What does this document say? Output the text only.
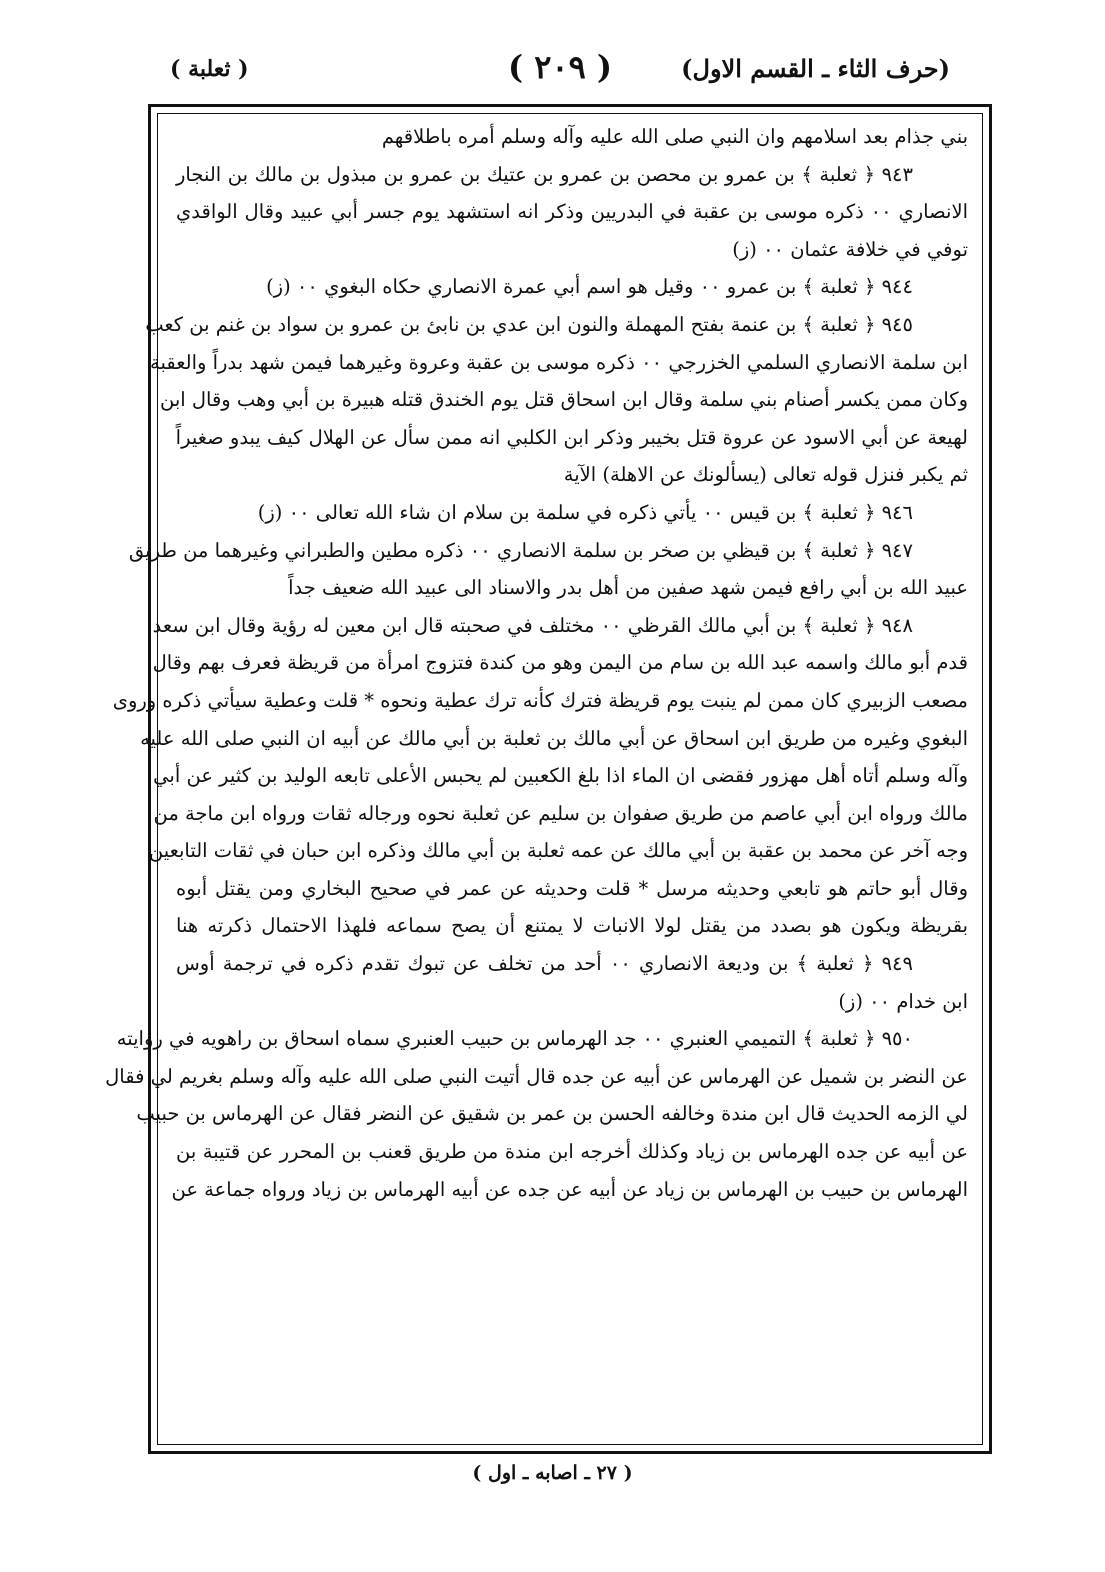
(حرف الثاء ـ القسم الاول)
( ٢٠٩ )
( ثعلبة )
بني جذام بعد اسلامهم وان النبي صلى الله عليه وآله وسلم أمره باطلاقهم
٩٤٣ ﴿ ثعلبة ﴾ بن عمرو بن محصن بن عمرو بن عتيك بن عمرو بن مبذول بن مالك بن النجار
الانصاري ٠٠ ذكره موسى بن عقبة في البدريين وذكر انه استشهد يوم جسر أبي عبيد وقال الواقدي
توفي في خلافة عثمان ٠٠ (ز)
٩٤٤ ﴿ ثعلبة ﴾ بن عمرو ٠٠ وقيل هو اسم أبي عمرة الانصاري حكاه البغوي ٠٠ (ز)
٩٤٥ ﴿ ثعلبة ﴾ بن عنمة بفتح المهملة والنون ابن عدي بن نابئ بن عمرو بن سواد بن غنم بن كعب
ابن سلمة الانصاري السلمي الخزرجي ٠٠ ذكره موسى بن عقبة وعروة وغيرهما فيمن شهد بدراً والعقبة
وكان ممن يكسر أصنام بني سلمة وقال ابن اسحاق قتل يوم الخندق قتله هبيرة بن أبي وهب وقال ابن
لهيعة عن أبي الاسود عن عروة قتل بخيبر وذكر ابن الكلبي انه ممن سأل عن الهلال كيف يبدو صغيراً
ثم يكبر فنزل قوله تعالى (يسألونك عن الاهلة) الآية
٩٤٦ ﴿ ثعلبة ﴾ بن قيس ٠٠ يأتي ذكره في سلمة بن سلام ان شاء الله تعالى ٠٠ (ز)
٩٤٧ ﴿ ثعلبة ﴾ بن قيظي بن صخر بن سلمة الانصاري ٠٠ ذكره مطين والطبراني وغيرهما من طريق
عبيد الله بن أبي رافع فيمن شهد صفين من أهل بدر والاسناد الى عبيد الله ضعيف جداً
٩٤٨ ﴿ ثعلبة ﴾ بن أبي مالك القرظي ٠٠ مختلف في صحبته قال ابن معين له رؤية وقال ابن سعد
قدم أبو مالك واسمه عبد الله بن سام من اليمن وهو من كندة فتزوج امرأة من قريظة فعرف بهم وقال
مصعب الزبيري كان ممن لم ينبت يوم قريظة فترك كأنه ترك عطية ونحوه * قلت وعطية سيأتي ذكره وروى
البغوي وغيره من طريق ابن اسحاق عن أبي مالك بن ثعلبة بن أبي مالك عن أبيه ان النبي صلى الله عليه
وآله وسلم أتاه أهل مهزور فقضى ان الماء اذا بلغ الكعبين لم يحبس الأعلى تابعه الوليد بن كثير عن أبي
مالك ورواه ابن أبي عاصم من طريق صفوان بن سليم عن ثعلبة نحوه ورجاله ثقات ورواه ابن ماجة من
وجه آخر عن محمد بن عقبة بن أبي مالك عن عمه ثعلبة بن أبي مالك وذكره ابن حبان في ثقات التابعين
وقال أبو حاتم هو تابعي وحديثه مرسل * قلت وحديثه عن عمر في صحيح البخاري ومن يقتل أبوه
بقريظة ويكون هو بصدد من يقتل لولا الانبات لا يمتنع أن يصح سماعه فلهذا الاحتمال ذكرته هنا
٩٤٩ ﴿ ثعلبة ﴾ بن وديعة الانصاري ٠٠ أحد من تخلف عن تبوك تقدم ذكره في ترجمة أوس
ابن خدام ٠٠ (ز)
٩٥٠ ﴿ ثعلبة ﴾ التميمي العنبري ٠٠ جد الهرماس بن حبيب العنبري سماه اسحاق بن راهويه في روايته
عن النضر بن شميل عن الهرماس عن أبيه عن جده قال أتيت النبي صلى الله عليه وآله وسلم بغريم لي فقال
لي الزمه الحديث قال ابن مندة وخالفه الحسن بن عمر بن شقيق عن النضر فقال عن الهرماس بن حبيب
عن أبيه عن جده الهرماس بن زياد وكذلك أخرجه ابن مندة من طريق قعنب بن المحرر عن قتيبة بن
الهرماس بن حبيب بن الهرماس بن زياد عن أبيه عن جده عن أبيه الهرماس بن زياد ورواه جماعة عن
( ٢٧ ـ اصابه ـ اول )
